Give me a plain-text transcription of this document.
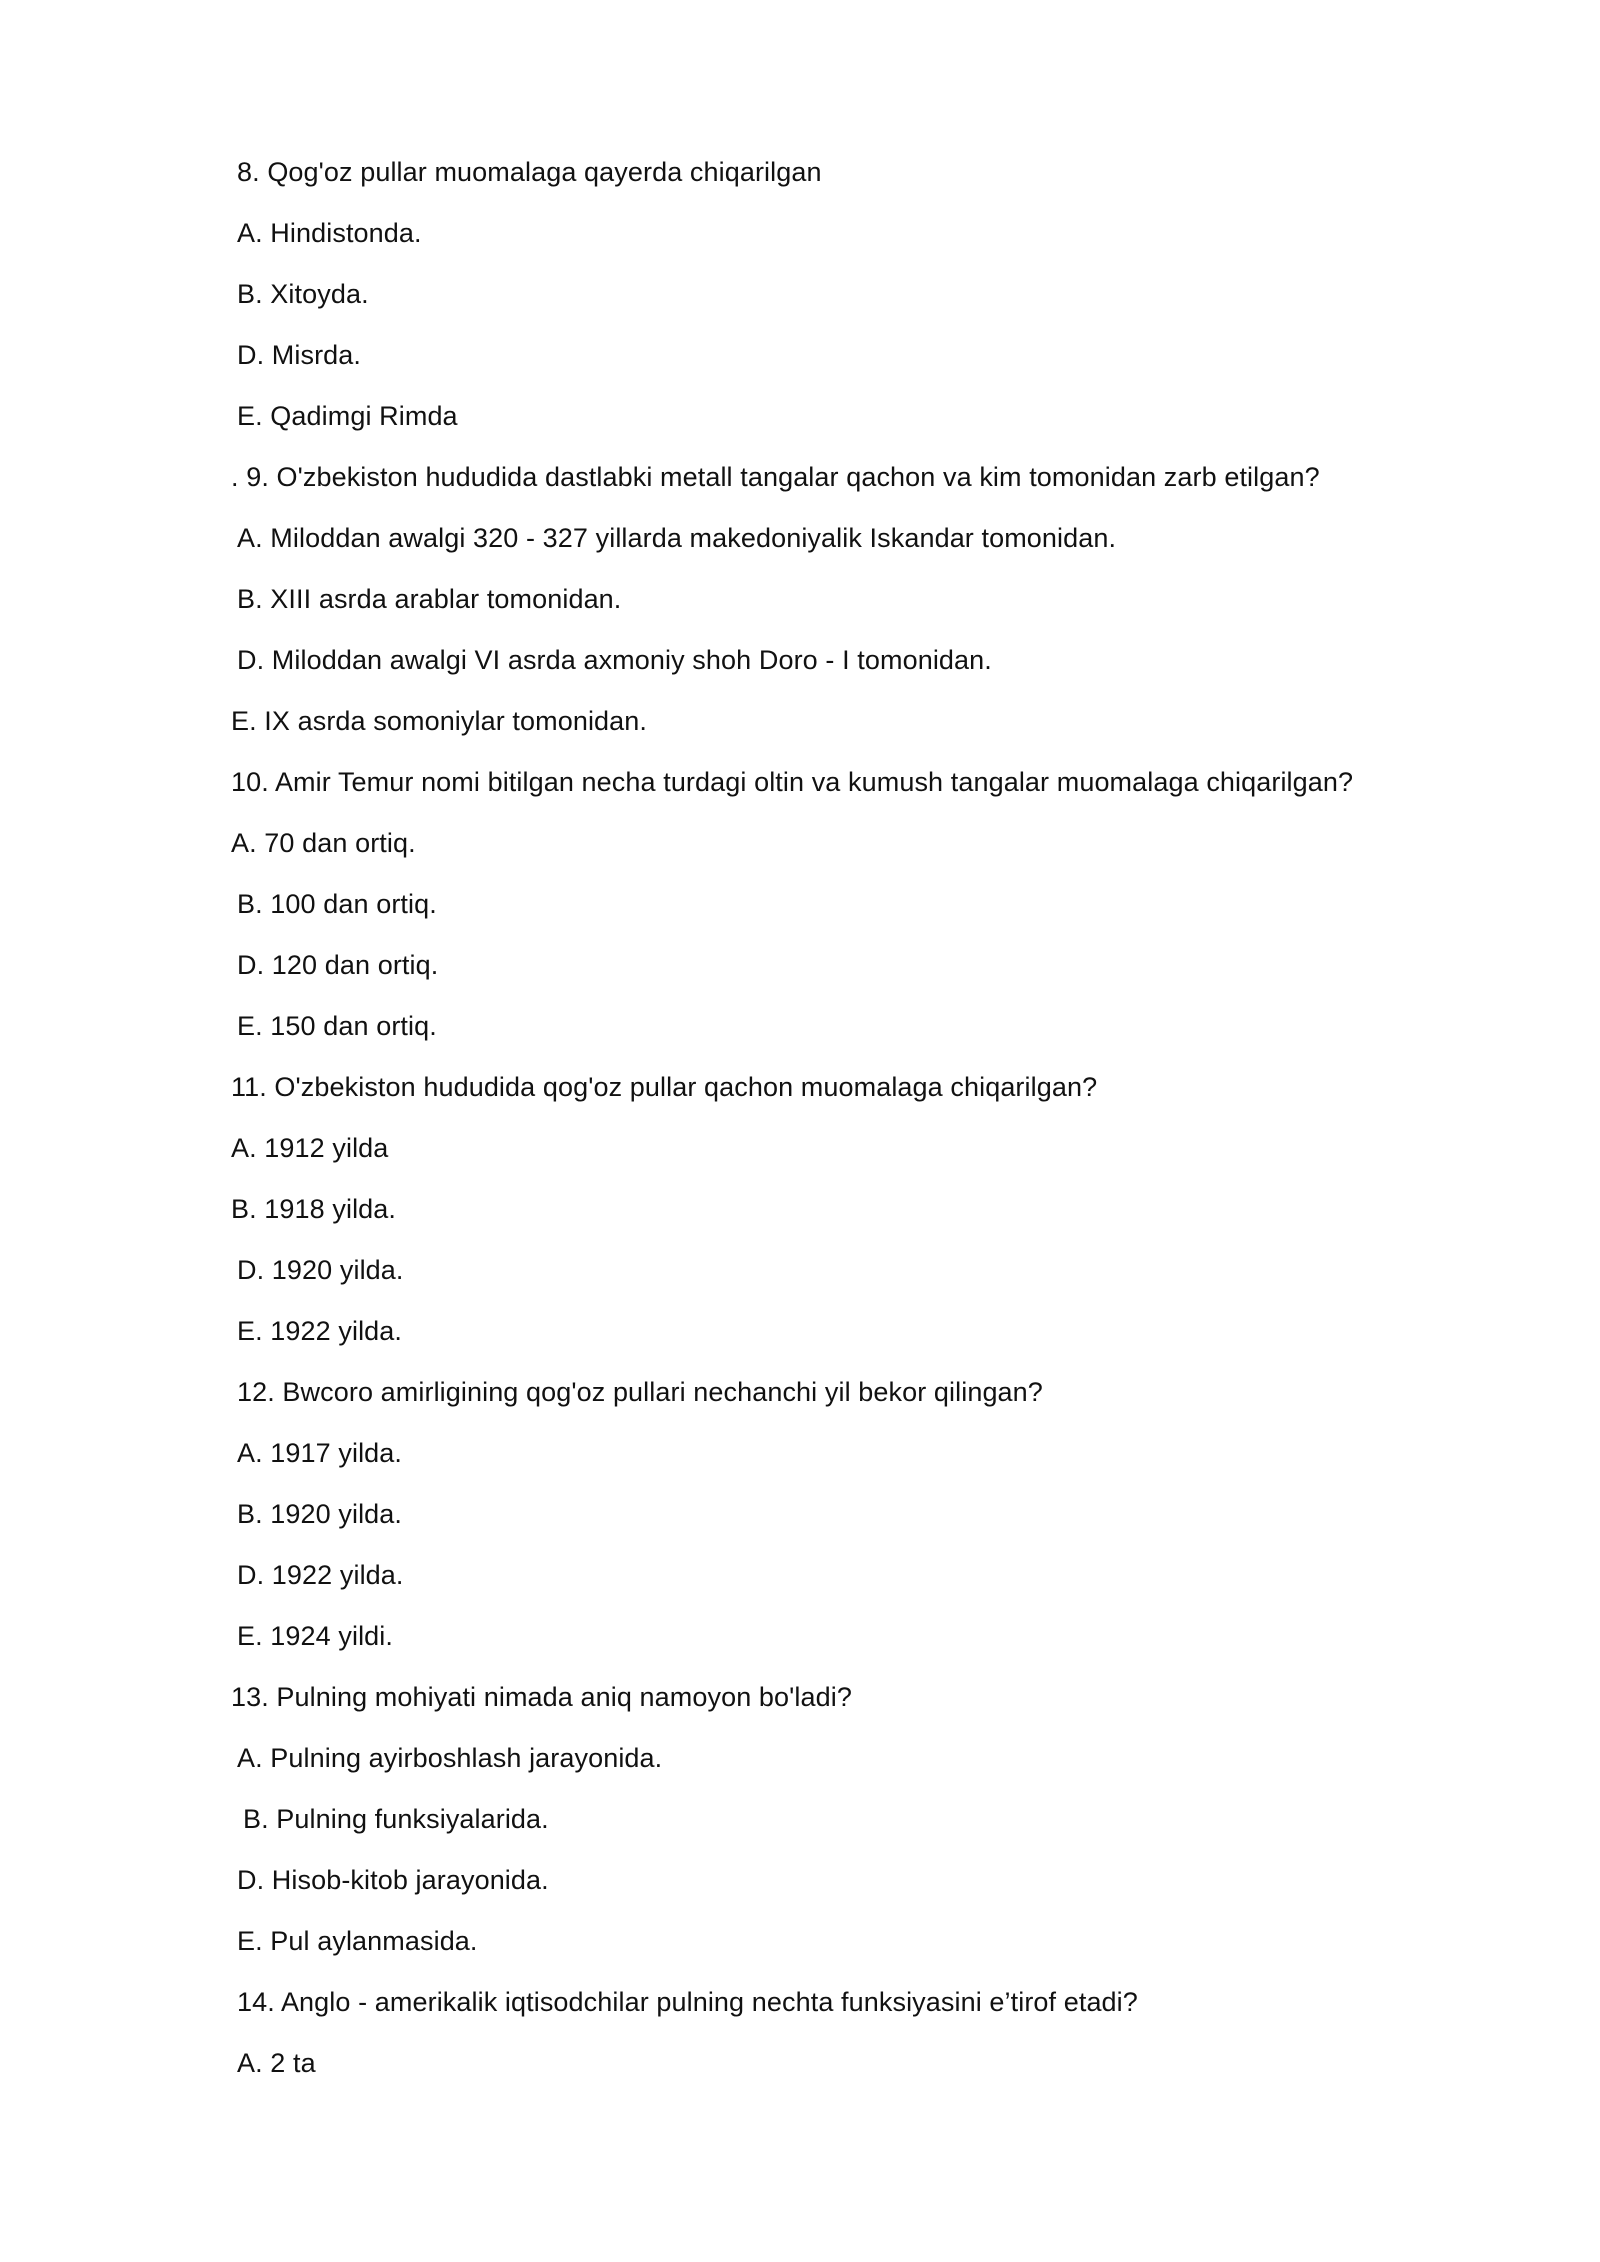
8. Qog'oz pullar muomalaga qayerda chiqarilgan
A. Hindistonda.
B. Xitoyda.
D. Misrda.
E. Qadimgi Rimda
. 9. O'zbekiston hududida dastlabki metall tangalar qachon va kim tomonidan zarb etilgan?
A. Miloddan awalgi 320 - 327 yillarda makedoniyalik Iskandar tomonidan.
B. XIII asrda arablar tomonidan.
D. Miloddan awalgi VI asrda axmoniy shoh Doro - I tomonidan.
E. IX asrda somoniylar tomonidan.
10. Amir Temur nomi bitilgan necha turdagi oltin va kumush tangalar muomalaga chiqarilgan?
A. 70 dan ortiq.
B. 100 dan ortiq.
D. 120 dan ortiq.
E. 150 dan ortiq.
11. O'zbekiston hududida qog'oz pullar qachon muomalaga chiqarilgan?
A. 1912 yilda
B. 1918 yilda.
D. 1920 yilda.
E. 1922 yilda.
12. Bwcoro amirligining qog'oz pullari nechanchi yil bekor qilingan?
A. 1917 yilda.
B. 1920 yilda.
D. 1922 yilda.
E. 1924 yildi.
13. Pulning mohiyati nimada aniq namoyon bo'ladi?
A. Pulning ayirboshlash jarayonida.
B. Pulning funksiyalarida.
D. Hisob-kitob jarayonida.
E. Pul aylanmasida.
14. Anglo - amerikalik iqtisodchilar pulning nechta funksiyasini e’tirof etadi?
A. 2 ta
